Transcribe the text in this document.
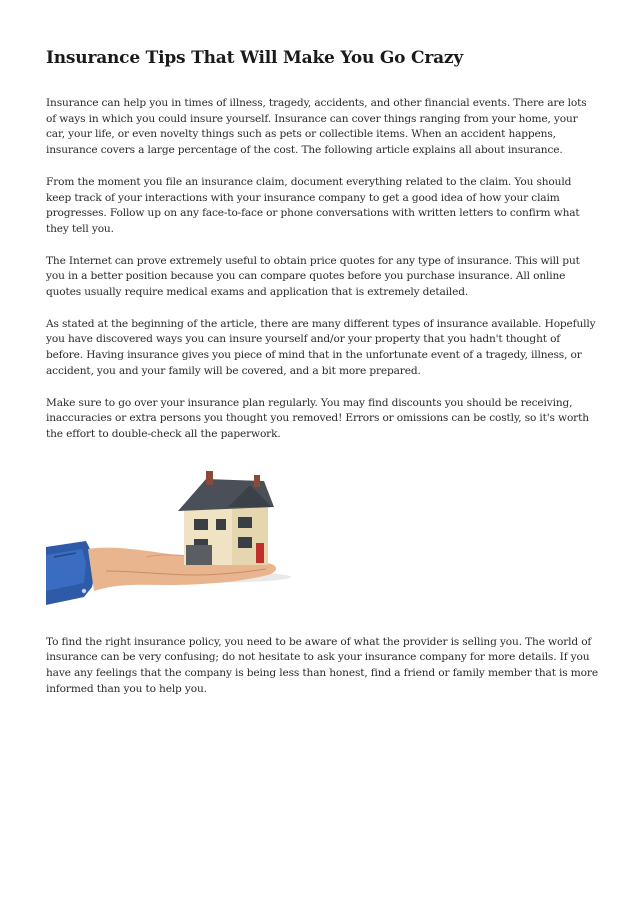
Insurance Tips That Will Make You Go Crazy

Insurance can help you in times of illness, tragedy, accidents, and other financial events. There are lots of ways in which you could insure yourself. Insurance can cover things ranging from your home, your car, your life, or even novelty things such as pets or collectible items. When an accident happens, insurance covers a large percentage of the cost. The following article explains all about insurance.

From the moment you file an insurance claim, document everything related to the claim. You should keep track of your interactions with your insurance company to get a good idea of how your claim progresses. Follow up on any face-to-face or phone conversations with written letters to confirm what they tell you.

The Internet can prove extremely useful to obtain price quotes for any type of insurance. This will put you in a better position because you can compare quotes before you purchase insurance. All online quotes usually require medical exams and application that is extremely detailed.

As stated at the beginning of the article, there are many different types of insurance available. Hopefully you have discovered ways you can insure yourself and/or your property that you hadn't thought of before. Having insurance gives you piece of mind that in the unfortunate event of a tragedy, illness, or accident, you and your family will be covered, and a bit more prepared.

Make sure to go over your insurance plan regularly. You may find discounts you should be receiving, inaccuracies or extra persons you thought you removed! Errors or omissions can be costly, so it's worth the effort to double-check all the paperwork.

To find the right insurance policy, you need to be aware of what the provider is selling you. The world of insurance can be very confusing; do not hesitate to ask your insurance company for more details. If you have any feelings that the company is being less than honest, find a friend or family member that is more informed than you to help you.
